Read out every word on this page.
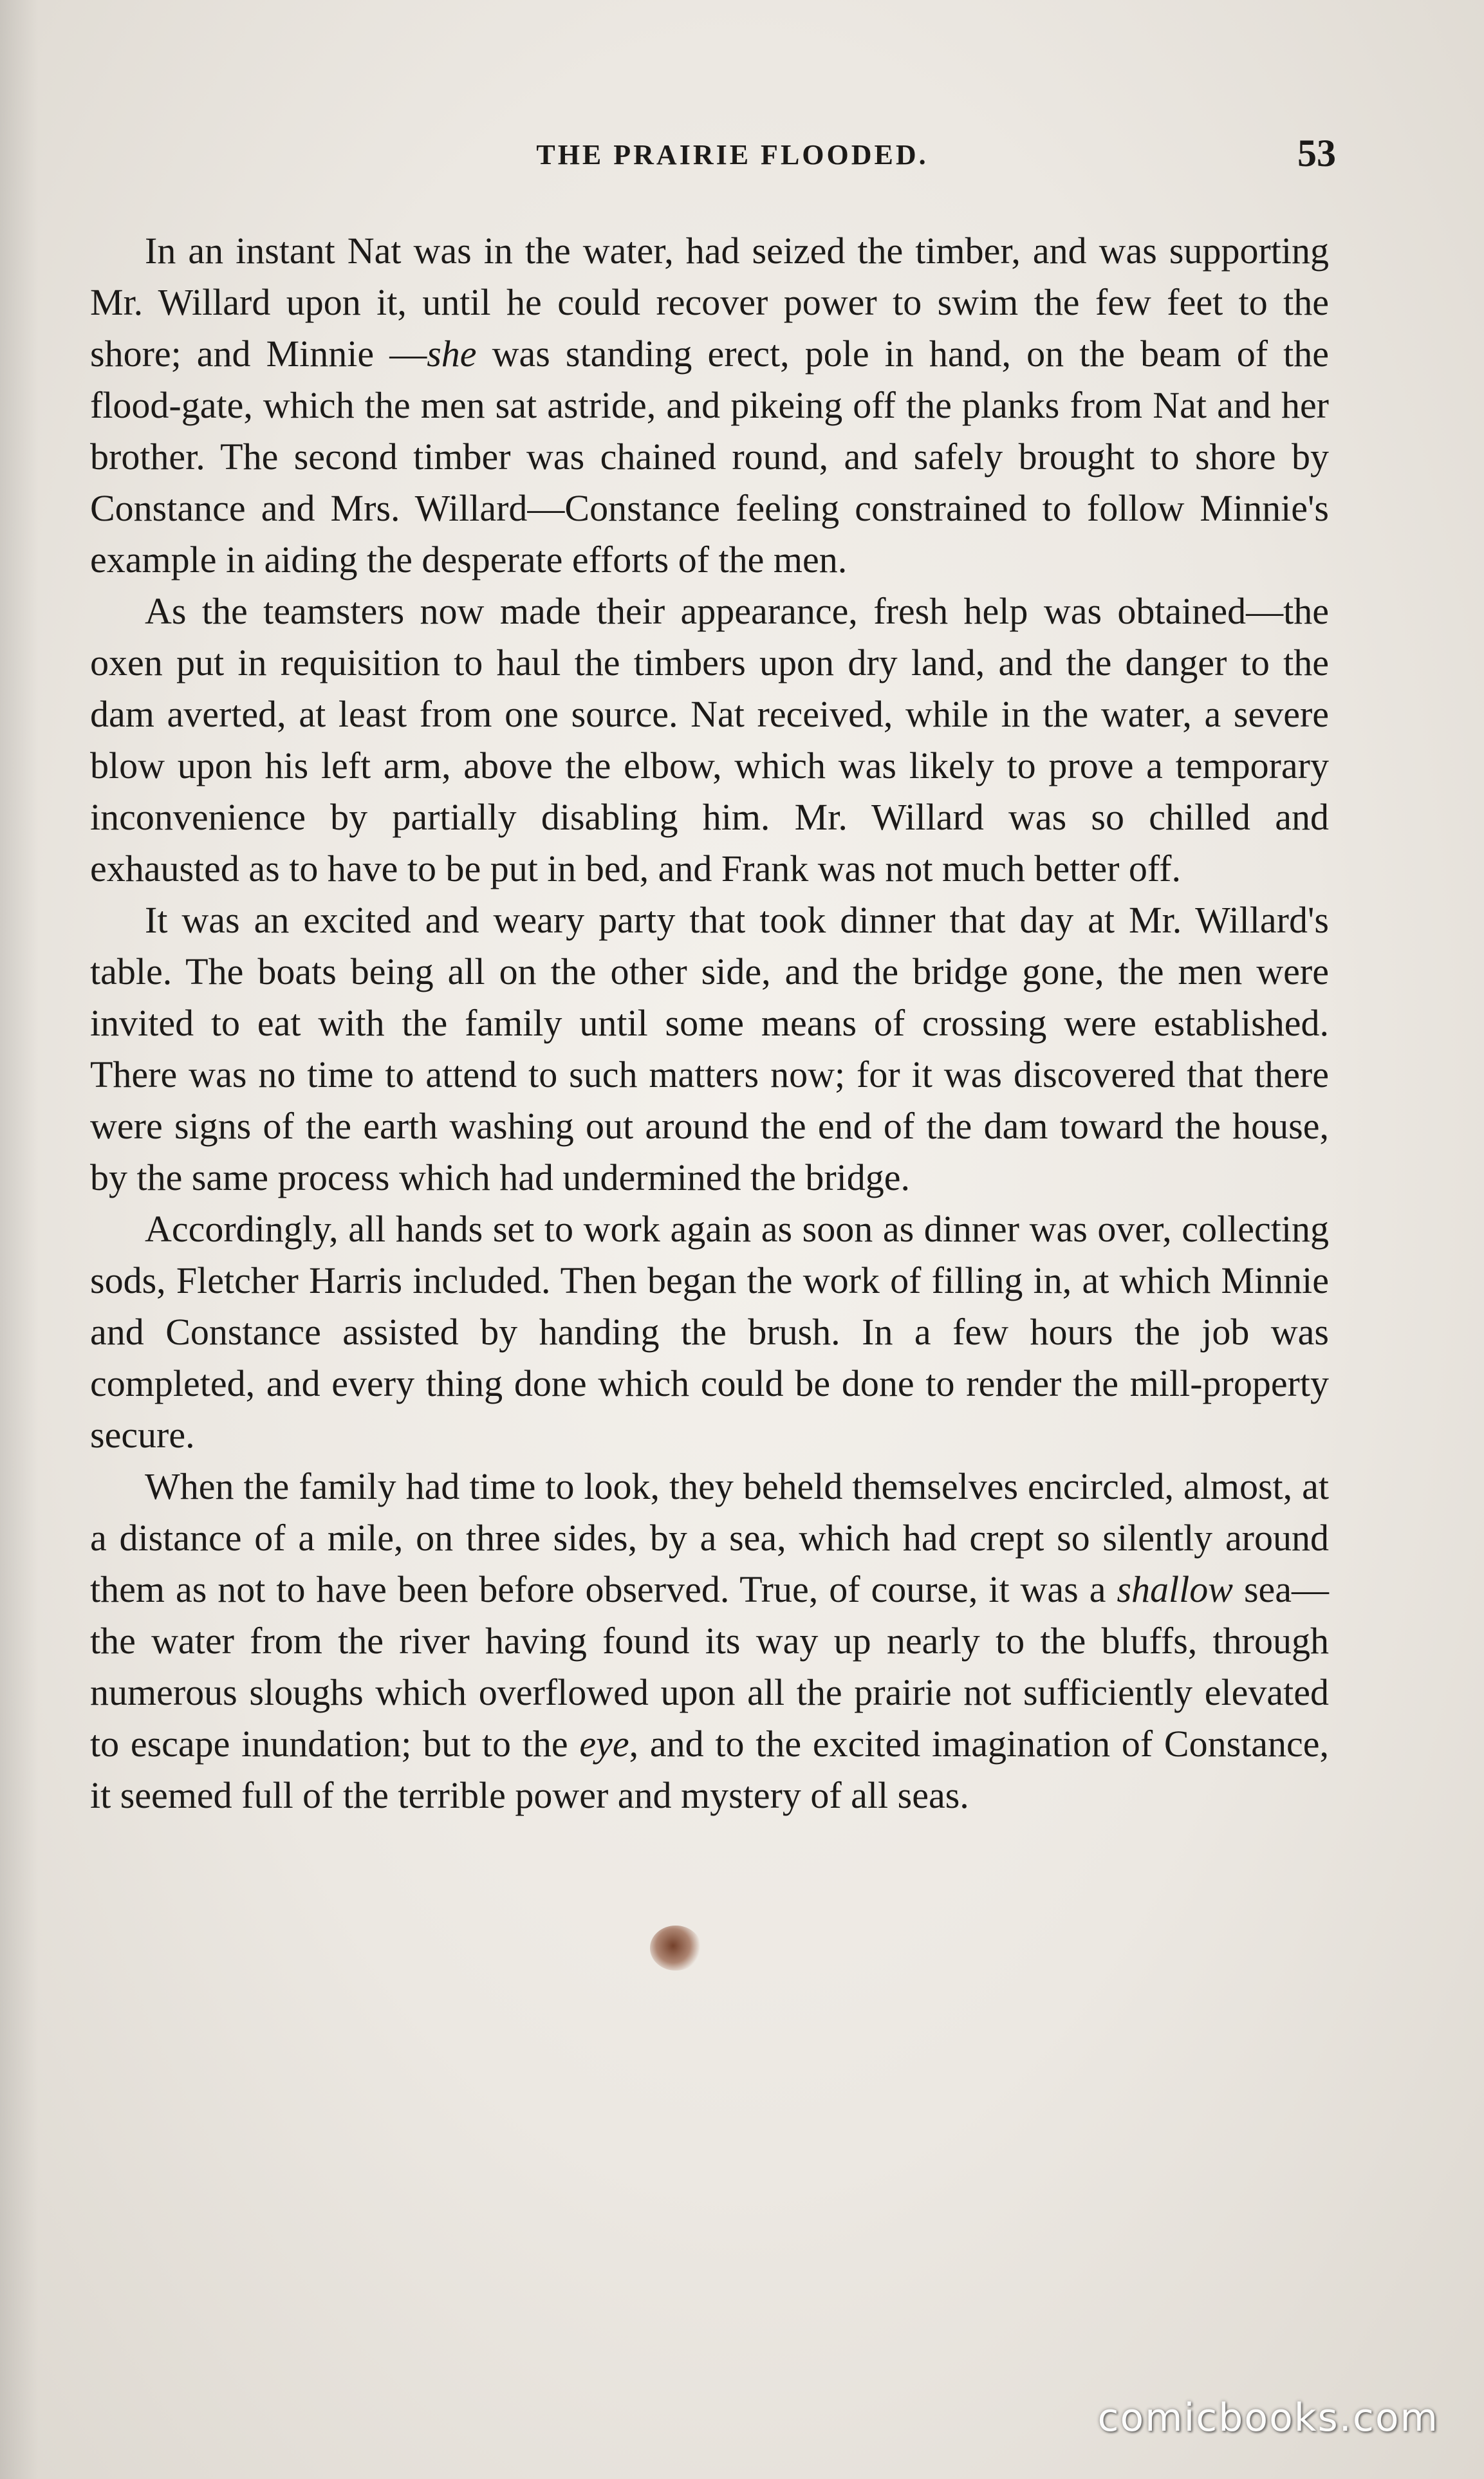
THE PRAIRIE FLOODED.	53

In an instant Nat was in the water, had seized the timber, and was supporting Mr. Willard upon it, until he could recover power to swim the few feet to the shore; and Minnie —she was standing erect, pole in hand, on the beam of the flood-gate, which the men sat astride, and pikeing off the planks from Nat and her brother. The second timber was chained round, and safely brought to shore by Constance and Mrs. Willard—Constance feeling constrained to follow Minnie's example in aiding the desperate efforts of the men.

As the teamsters now made their appearance, fresh help was obtained—the oxen put in requisition to haul the timbers upon dry land, and the danger to the dam averted, at least from one source. Nat received, while in the water, a severe blow upon his left arm, above the elbow, which was likely to prove a temporary inconvenience by partially disabling him. Mr. Willard was so chilled and exhausted as to have to be put in bed, and Frank was not much better off.

It was an excited and weary party that took dinner that day at Mr. Willard's table. The boats being all on the other side, and the bridge gone, the men were invited to eat with the family until some means of crossing were established. There was no time to attend to such matters now; for it was discovered that there were signs of the earth washing out around the end of the dam toward the house, by the same process which had undermined the bridge.

Accordingly, all hands set to work again as soon as dinner was over, collecting sods, Fletcher Harris included. Then began the work of filling in, at which Minnie and Constance assisted by handing the brush. In a few hours the job was completed, and every thing done which could be done to render the mill-property secure.

When the family had time to look, they beheld themselves encircled, almost, at a distance of a mile, on three sides, by a sea, which had crept so silently around them as not to have been before observed. True, of course, it was a shallow sea— the water from the river having found its way up nearly to the bluffs, through numerous sloughs which overflowed upon all the prairie not sufficiently elevated to escape inundation; but to the eye, and to the excited imagination of Constance, it seemed full of the terrible power and mystery of all seas.

comicbooks.com
